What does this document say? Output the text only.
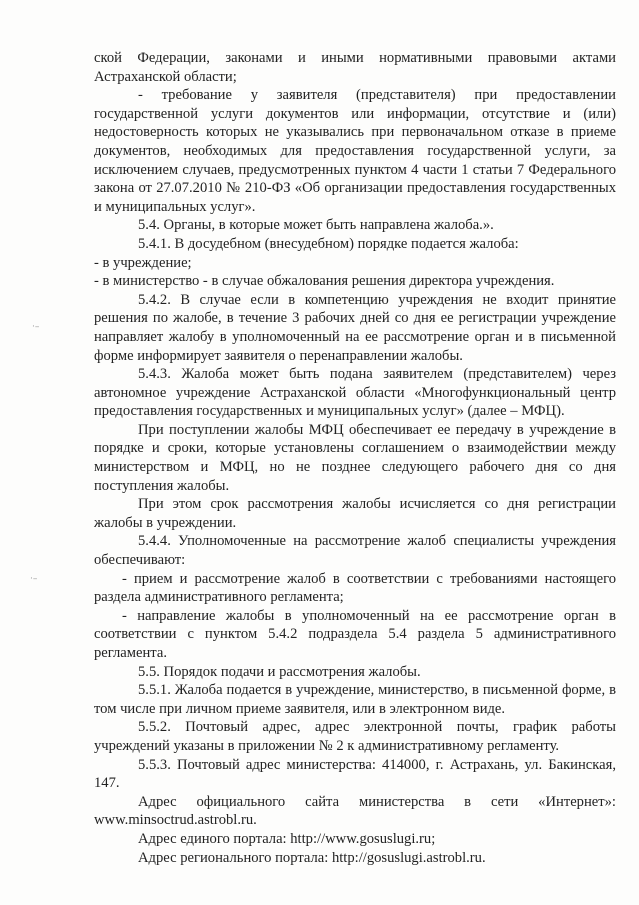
·–
·–

ской Федерации, законами и иными нормативными правовыми актами Астраханской области;

- требование у заявителя (представителя) при предоставлении государственной услуги документов или информации, отсутствие и (или) недостоверность которых не указывались при первоначальном отказе в приеме документов, необходимых для предоставления государственной услуги, за исключением случаев, предусмотренных пунктом 4 части 1 статьи 7 Федерального закона от 27.07.2010 № 210-ФЗ «Об организации предоставления государственных и муниципальных услуг».

5.4. Органы, в которые может быть направлена жалоба.».

5.4.1. В досудебном (внесудебном) порядке подается жалоба:

- в учреждение;

- в министерство - в случае обжалования решения директора учреждения.

5.4.2. В случае если в компетенцию учреждения не входит принятие решения по жалобе, в течение 3 рабочих дней со дня ее регистрации учреждение направляет жалобу в уполномоченный на ее рассмотрение орган и в письменной форме информирует заявителя о перенаправлении жалобы.

5.4.3. Жалоба может быть подана заявителем (представителем) через автономное учреждение Астраханской области «Многофункциональный центр предоставления государственных и муниципальных услуг» (далее – МФЦ).

При поступлении жалобы МФЦ обеспечивает ее передачу в учреждение в порядке и сроки, которые установлены соглашением о взаимодействии между министерством и МФЦ, но не позднее следующего рабочего дня со дня поступления жалобы.

При этом срок рассмотрения жалобы исчисляется со дня регистрации жалобы в учреждении.

5.4.4. Уполномоченные на рассмотрение жалоб специалисты учреждения обеспечивают:

- прием и рассмотрение жалоб в соответствии с требованиями настоящего раздела административного регламента;

- направление жалобы в уполномоченный на ее рассмотрение орган в соответствии с пунктом 5.4.2 подраздела 5.4 раздела 5 административного регламента.

5.5. Порядок подачи и рассмотрения жалобы.

5.5.1. Жалоба подается в учреждение, министерство, в письменной форме, в том числе при личном приеме заявителя, или в электронном виде.

5.5.2. Почтовый адрес, адрес электронной почты, график работы учреждений указаны в приложении № 2 к административному регламенту.

5.5.3. Почтовый адрес министерства: 414000, г. Астрахань, ул. Бакинская, 147.

Адрес официального сайта министерства в сети «Интернет»: www.minsoctrud.astrobl.ru.

Адрес единого портала: http://www.gosuslugi.ru;

Адрес регионального портала: http://gosuslugi.astrobl.ru.
